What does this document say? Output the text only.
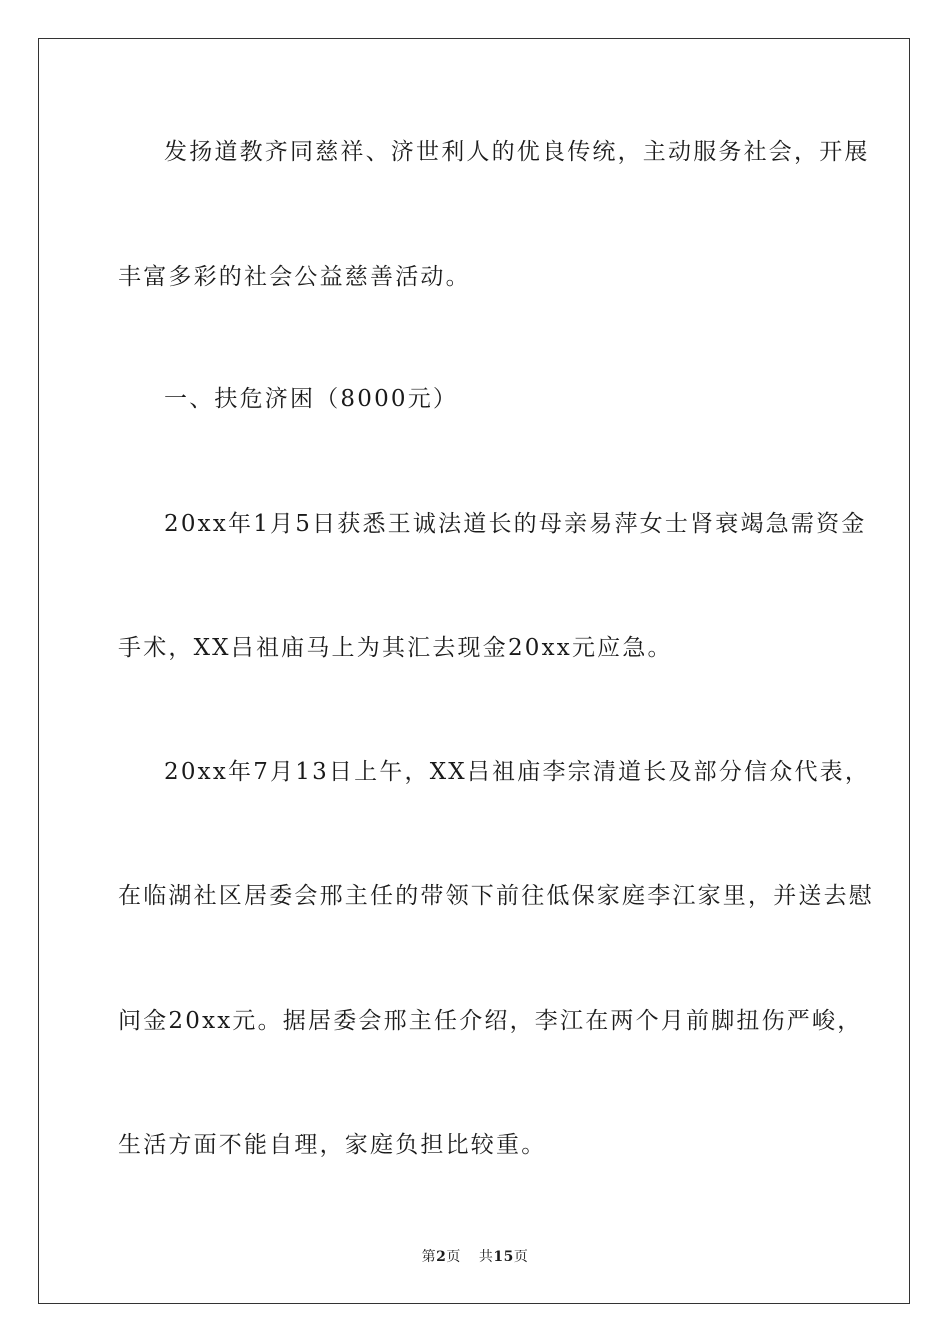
发扬道教齐同慈祥、济世利人的优良传统，主动服务社会，开展
丰富多彩的社会公益慈善活动。
一、扶危济困（8000元）
20xx年1月5日获悉王诚法道长的母亲易萍女士肾衰竭急需资金
手术，XX吕祖庙马上为其汇去现金20xx元应急。
20xx年7月13日上午，XX吕祖庙李宗清道长及部分信众代表，
在临湖社区居委会邢主任的带领下前往低保家庭李江家里，并送去慰
问金20xx元。据居委会邢主任介绍，李江在两个月前脚扭伤严峻，
生活方面不能自理，家庭负担比较重。
第2页 共15页
